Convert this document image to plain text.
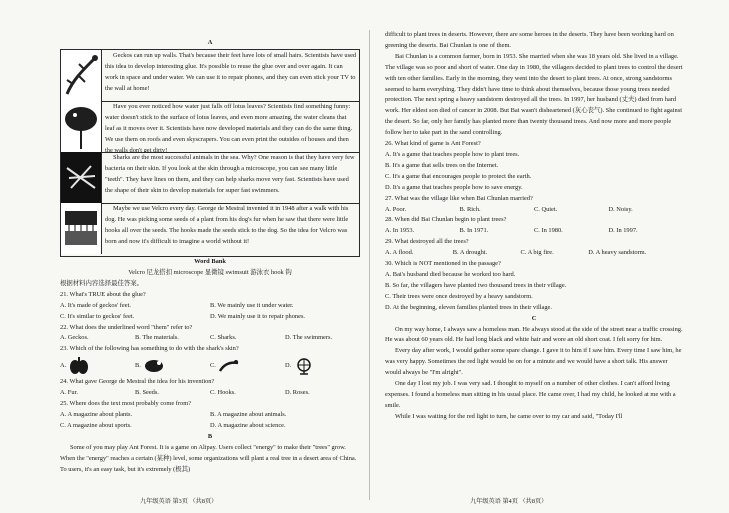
A

Geckos can run up walls. That's because their feet have lots of small hairs. Scientists have used this idea to develop interesting glue. It's possible to reuse the glue over and over again. It can work in space and under water. We can use it to repair phones, and they can even stick your TV to the wall at home!

Have you ever noticed how water just falls off lotus leaves? Scientists find something funny: water doesn't stick to the surface of lotus leaves, and even more amazing, the water cleans that leaf as it moves over it. Scientists have now developed materials and they can do the same thing. We use them on roofs and even skyscrapers. You can even print the outsides of houses and then the walls don't get dirty!

Sharks are the most successful animals in the sea. Why? One reason is that they have very few bacteria on their skin. If you look at the skin through a microscope, you can see many little "teeth". They have lines on them, and they can help sharks move very fast. Scientists have used the shape of their skin to develop materials for super fast swimmers.

Maybe we use Velcro every day. George de Mestral invented it in 1948 after a walk with his dog. He was picking some seeds of a plant from his dog's fur when he saw that there were little hooks all over the seeds. The hooks made the seeds stick to the dog. So the idea for Velcro was born and now it's difficult to imagine a world without it!

Word Bank

Velcro 尼龙搭扣 microscope 显微镜 swimsuit 游泳衣 hook 钩

根据材料内容选择最佳答案。

21. What's TRUE about the glue?

A. It's made of geckos' feet.	B. We mainly use it under water.
C. It's similar to geckos' feet.	D. We mainly use it to repair phones.

22. What does the underlined word "them" refer to?

A. Geckos.	B. The materials.	C. Sharks.	D. The swimmers.

23. Which of the following has something to do with the shark's skin?

A.	B.	C.	D.

24. What gave George de Mestral the idea for his invention?

A. Fur.	B. Seeds.	C. Hooks.	D. Roses.

25. Where does the text most probably come from?

A. A magazine about plants.	B. A magazine about animals.
C. A magazine about sports.	D. A magazine about science.
B

Some of you may play Ant Forest. It is a game on Alipay. Users collect "energy" to make their "trees" grow. When the "energy" reaches a certain (某种) level, some organizations will plant a real tree in a desert area of China. To users, it's an easy task, but it's extremely (极其)

九年级英语 第3页 （共8页）

difficult to plant trees in deserts. However, there are some heroes in the deserts. They have been working hard on greening the deserts. Bai Chunlan is one of them.

Bai Chunlan is a common farmer, born in 1953. She married when she was 18 years old. She lived in a village. The village was so poor and short of water. One day in 1980, the villagers decided to plant trees to control the desert with ten other families. Early in the morning, they went into the desert to plant trees. At once, strong sandstorms seemed to harm everything. They didn't have time to think about themselves, because those young trees needed protection. The next spring a heavy sandstorm destroyed all the trees. In 1997, her husband (丈夫) died from hard work. Her eldest son died of cancer in 2008. But Bai wasn't disheartened (灰心丧气). She continued to fight against the desert. So far, only her family has planted more than twenty thousand trees. And now more and more people follow her to take part in the sand controlling.

26. What kind of game is Ant Forest?

A. It's a game that teaches people how to plant trees.

B. It's a game that sells trees on the Internet.

C. It's a game that encourages people to protect the earth.

D. It's a game that teaches people how to save energy.

27. What was the village like when Bai Chunlan married?

A. Poor.	B. Rich.	C. Quiet.	D. Noisy.

28. When did Bai Chunlan begin to plant trees?

A. In 1953.	B. In 1971.	C. In 1980.	D. In 1997.

29. What destroyed all the trees?

A. A flood.	B. A drought.	C. A big fire.	D. A heavy sandstorm.

30. Which is NOT mentioned in the passage?

A. Bai's husband died because he worked too hard.

B. So far, the villagers have planted two thousand trees in their village.

C. Their trees were once destroyed by a heavy sandstorm.

D. At the beginning, eleven families planted trees in their village.

C

On my way home, I always saw a homeless man. He always stood at the side of the street near a traffic crossing. He was about 60 years old. He had long black and white hair and wore an old short coat. I felt sorry for him.

Every day after work, I would gather some spare change. I gave it to him if I saw him. Every time I saw him, he was very happy. Sometimes the red light would be on for a minute and we would have a short talk. His answer would always be "I'm alright".

One day I lost my job. I was very sad. I thought to myself on a number of other clothes. I can't afford living expenses. I found a homeless man sitting in his usual place. He came over, I had my child, he looked at me with a smile.

While I was waiting for the red light to turn, he came over to my car and said, "Today I'll

九年级英语 第4页 （共8页）
